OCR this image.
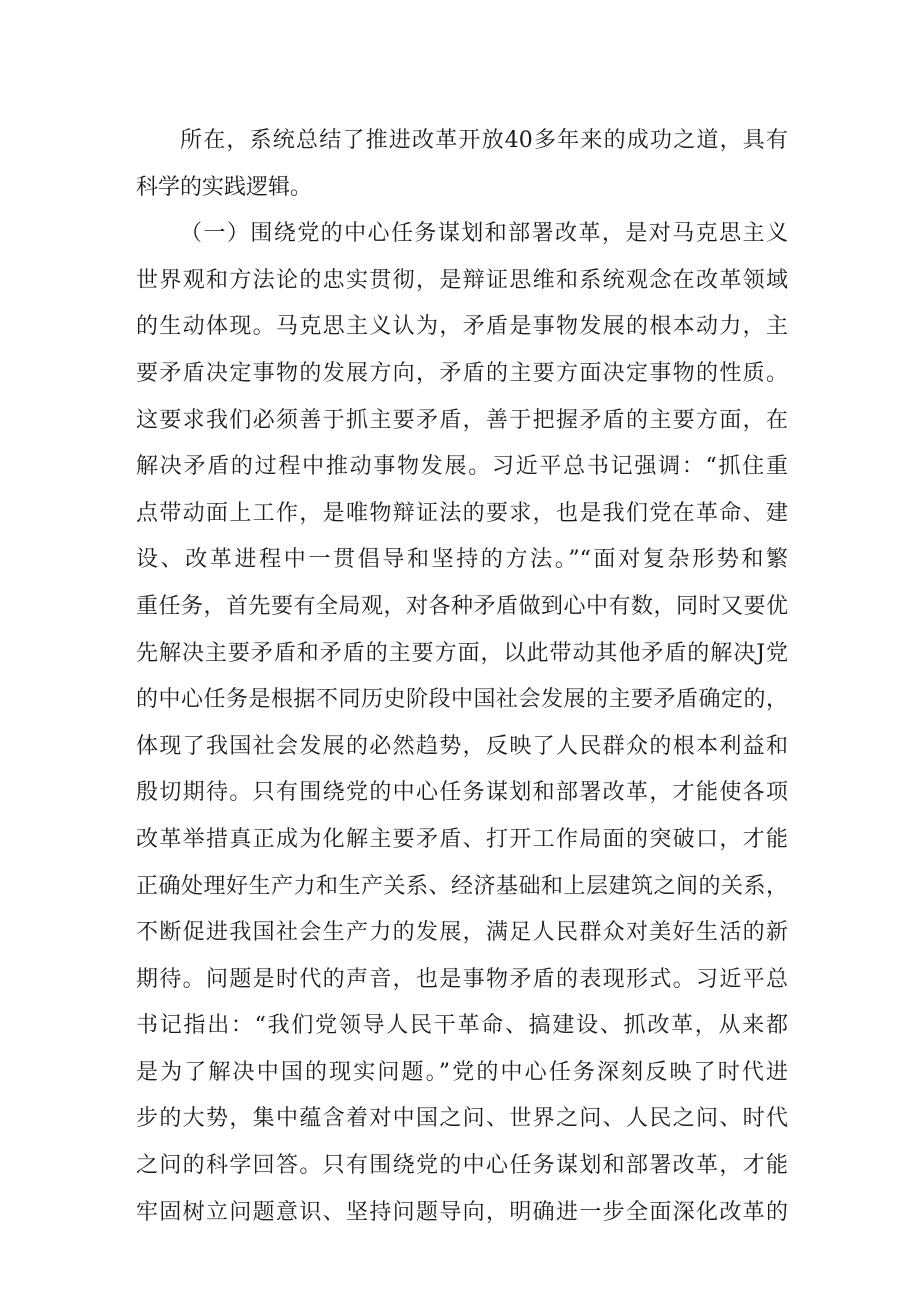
所在，系统总结了推进改革开放40多年来的成功之道，具有
科学的实践逻辑。
（一）围绕党的中心任务谋划和部署改革，是对马克思主义
世界观和方法论的忠实贯彻，是辩证思维和系统观念在改革领域
的生动体现。马克思主义认为，矛盾是事物发展的根本动力，主
要矛盾决定事物的发展方向，矛盾的主要方面决定事物的性质。
这要求我们必须善于抓主要矛盾，善于把握矛盾的主要方面，在
解决矛盾的过程中推动事物发展。习近平总书记强调：“抓住重
点带动面上工作，是唯物辩证法的要求，也是我们党在革命、建
设、改革进程中一贯倡导和坚持的方法。”“面对复杂形势和繁
重任务，首先要有全局观，对各种矛盾做到心中有数，同时又要优
先解决主要矛盾和矛盾的主要方面，以此带动其他矛盾的解决J党
的中心任务是根据不同历史阶段中国社会发展的主要矛盾确定的，
体现了我国社会发展的必然趋势，反映了人民群众的根本利益和
殷切期待。只有围绕党的中心任务谋划和部署改革，才能使各项
改革举措真正成为化解主要矛盾、打开工作局面的突破口，才能
正确处理好生产力和生产关系、经济基础和上层建筑之间的关系，
不断促进我国社会生产力的发展，满足人民群众对美好生活的新
期待。问题是时代的声音，也是事物矛盾的表现形式。习近平总
书记指出：“我们党领导人民干革命、搞建设、抓改革，从来都
是为了解决中国的现实问题。”党的中心任务深刻反映了时代进
步的大势，集中蕴含着对中国之问、世界之问、人民之问、时代
之问的科学回答。只有围绕党的中心任务谋划和部署改革，才能
牢固树立问题意识、坚持问题导向，明确进一步全面深化改革的
